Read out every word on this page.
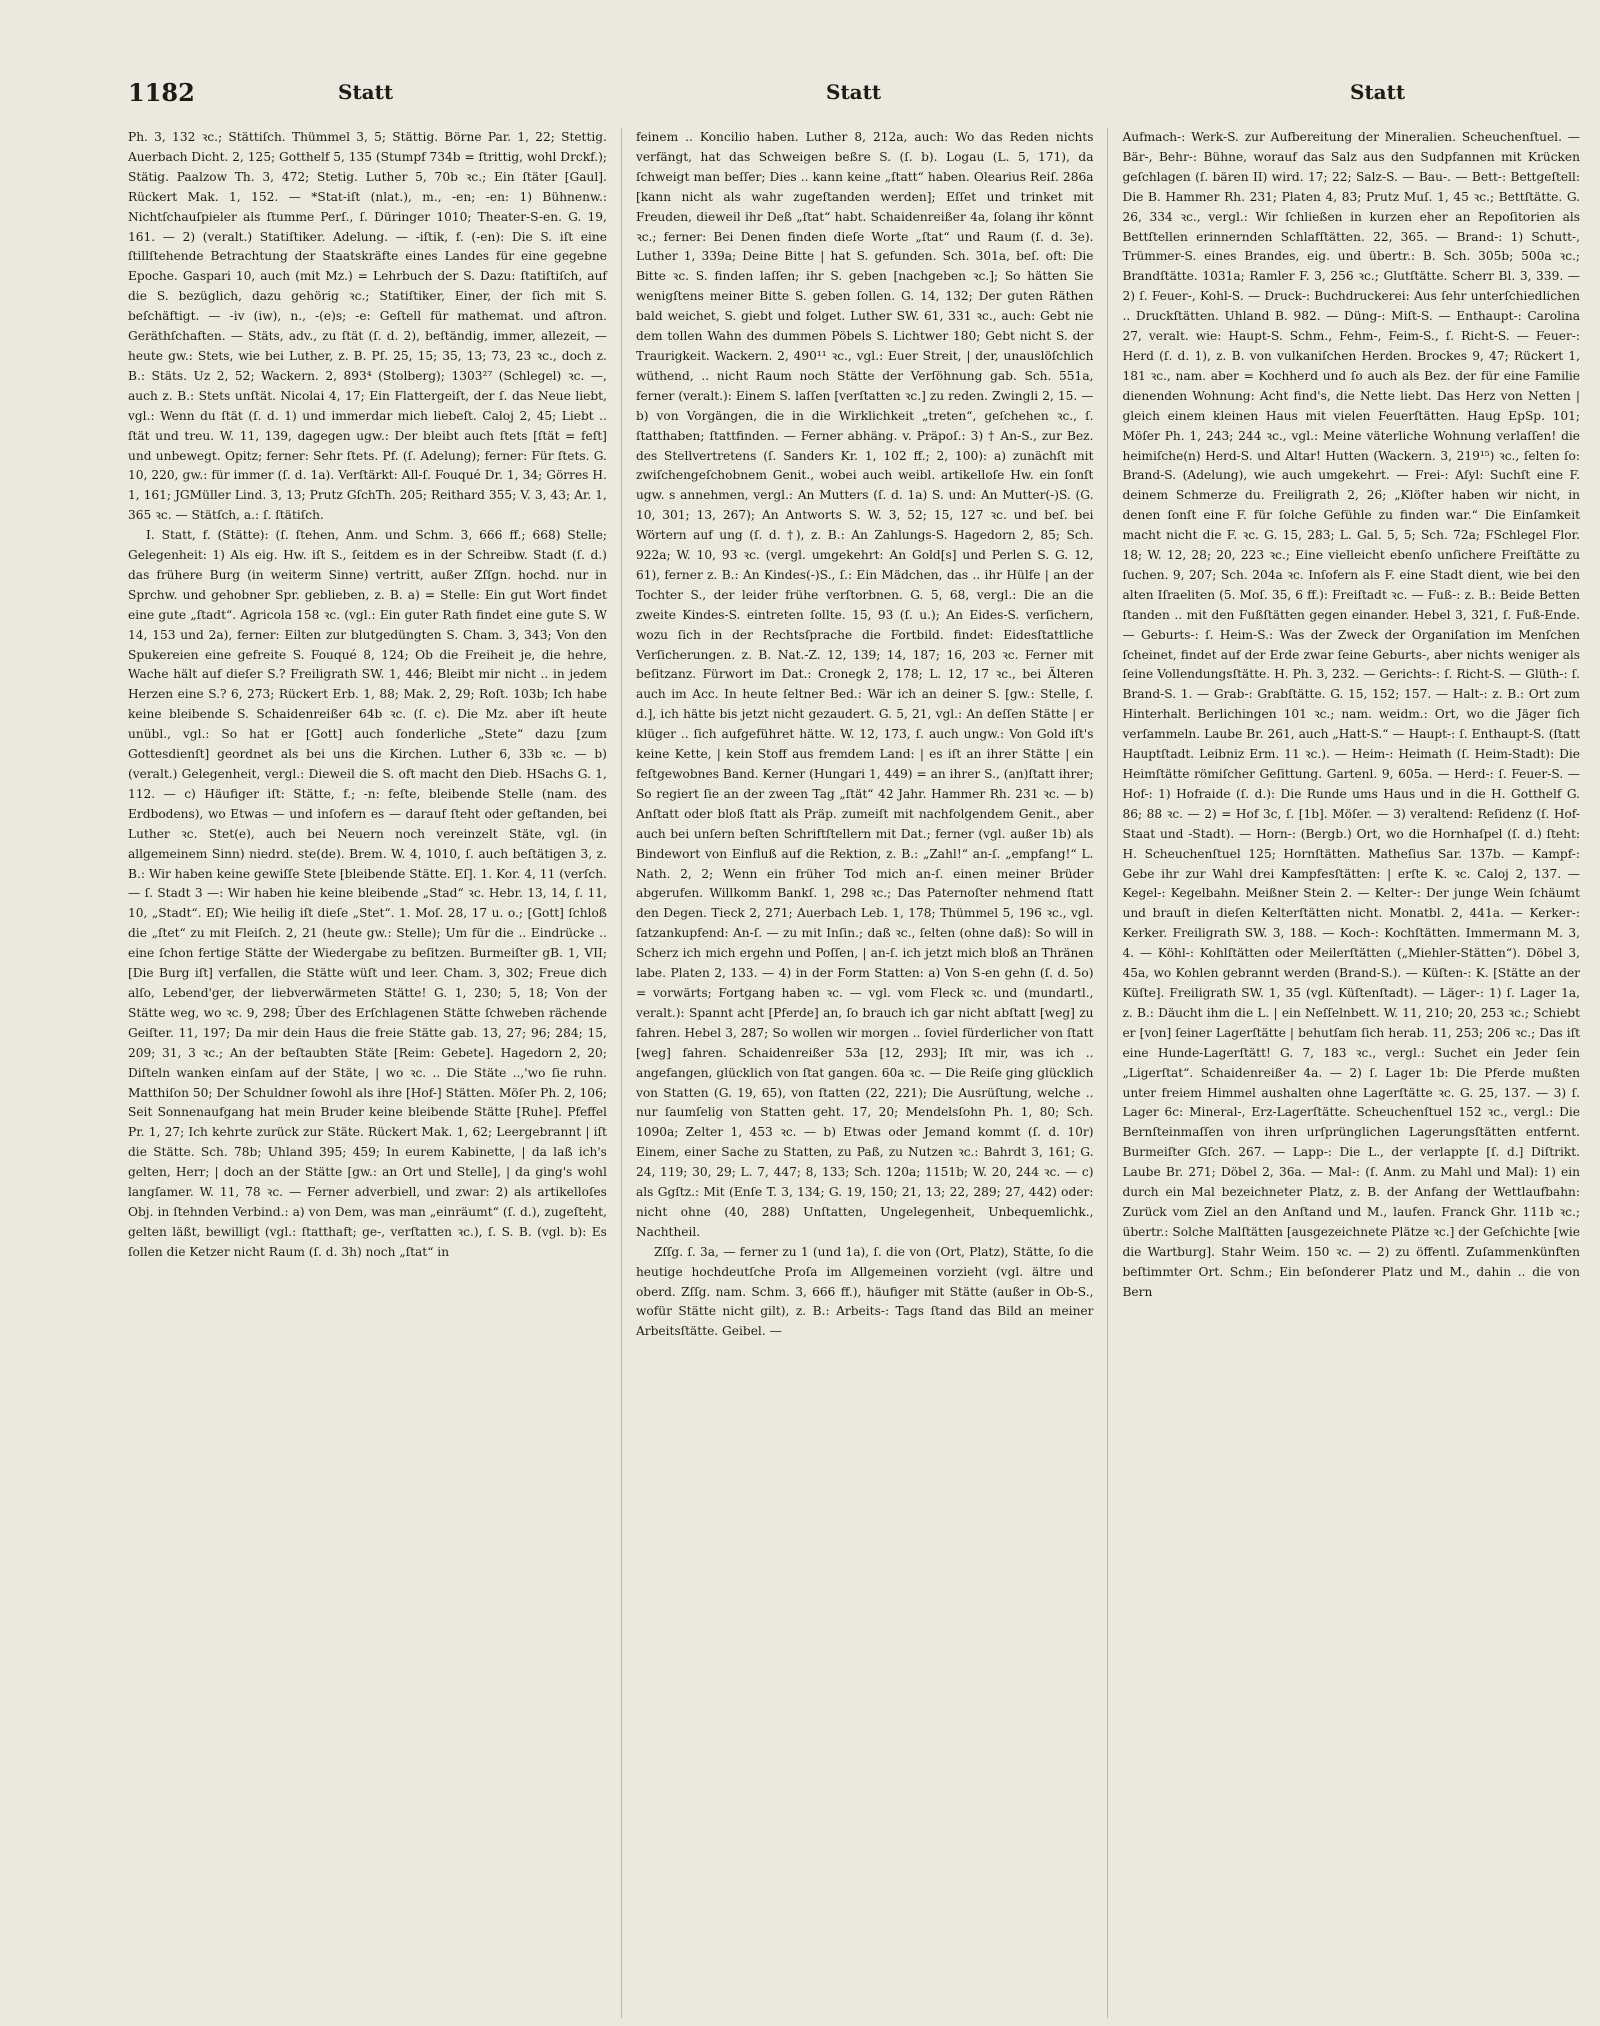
1182	Statt	Statt	Statt

Ph. 3, 132 ꝛc.; Stättiſch. Thümmel 3, 5; Stättig. Börne Par. 1, 22; Stettig. Auerbach Dicht. 2, 125; Gotthelf 5, 135 (Stumpf 734b = ſtrittig, wohl Drckf.); Stätig. Paalzow Th. 3, 472; Stetig. Luther 5, 70b ꝛc.; Ein ſtäter [Gaul]. Rückert Mak. 1, 152. — *Stat-iſt (nlat.), m., -en; -en: 1) Bühnenw.: Nichtſchauſpieler als ſtumme Perſ., ſ. Düringer 1010; Theater-S-en. G. 19, 161. — 2) (veralt.) Statiſtiker. Adelung. — -iſtik, f. (-en): Die S. iſt eine ſtillſtehende Betrachtung der Staatskräfte eines Landes für eine gegebne Epoche. Gaspari 10, auch (mit Mz.) = Lehrbuch der S. Dazu: ſtatiſtiſch, auf die S. bezüglich, dazu gehörig ꝛc.; Statiſtiker, Einer, der ſich mit S. beſchäftigt. — -iv (iw), n., -(e)s; -e: Geſtell für mathemat. und aſtron. Geräthſchaften. — Stäts, adv., zu ſtät (ſ. d. 2), beſtändig, immer, allezeit, — heute gw.: Stets, wie bei Luther, z. B. Pſ. 25, 15; 35, 13; 73, 23 ꝛc., doch z. B.: Stäts. Uz 2, 52; Wackern. 2, 893⁴ (Stolberg); 1303²⁷ (Schlegel) ꝛc. —, auch z. B.: Stets unſtät. Nicolai 4, 17; Ein Flattergeiſt, der ſ. das Neue liebt, vgl.: Wenn du ſtät (ſ. d. 1) und immerdar mich liebeſt. Caloj 2, 45; Liebt .. ſtät und treu. W. 11, 139, dagegen ugw.: Der bleibt auch ſtets [ſtät = feſt] und unbewegt. Opitz; ferner: Sehr ſtets. Pf. (ſ. Adelung); ferner: Für ſtets. G. 10, 220, gw.: für immer (ſ. d. 1a). Verſtärkt: All-ſ. Fouqué Dr. 1, 34; Görres H. 1, 161; JGMüller Lind. 3, 13; Prutz GſchTh. 205; Reithard 355; V. 3, 43; Ar. 1, 365 ꝛc. — Stätſch, a.: ſ. ſtätiſch.

I. Statt, f. (Stätte): (ſ. ſtehen, Anm. und Schm. 3, 666 ff.; 668) Stelle; Gelegenheit: 1) Als eig. Hw. iſt S., ſeitdem es in der Schreibw. Stadt (ſ. d.) das frühere Burg (in weiterm Sinne) vertritt, außer Zſſgn. hochd. nur in Sprchw. und gehobner Spr. geblieben, z. B. a) = Stelle: Ein gut Wort findet eine gute „ſtadt“. Agricola 158 ꝛc. (vgl.: Ein guter Rath findet eine gute S. W 14, 153 und 2a), ferner: Eilten zur blutgedüngten S. Cham. 3, 343; Von den Spukereien eine gefreite S. Fouqué 8, 124; Ob die Freiheit je, die hehre, Wache hält auf dieſer S.? Freiligrath SW. 1, 446; Bleibt mir nicht .. in jedem Herzen eine S.? 6, 273; Rückert Erb. 1, 88; Mak. 2, 29; Roſt. 103b; Ich habe keine bleibende S. Schaidenreißer 64b ꝛc. (ſ. c). Die Mz. aber iſt heute unübl., vgl.: So hat er [Gott] auch ſonderliche „Stete“ dazu [zum Gottesdienſt] geordnet als bei uns die Kirchen. Luther 6, 33b ꝛc. — b) (veralt.) Gelegenheit, vergl.: Dieweil die S. oft macht den Dieb. HSachs G. 1, 112. — c) Häufiger iſt: Stätte, f.; -n: feſte, bleibende Stelle (nam. des Erdbodens), wo Etwas — und inſofern es — darauf ſteht oder geſtanden, bei Luther ꝛc. Stet(e), auch bei Neuern noch vereinzelt Stäte, vgl. (in allgemeinem Sinn) niedrd. ste(de). Brem. W. 4, 1010, ſ. auch beſtätigen 3, z. B.: Wir haben keine gewiſſe Stete [bleibende Stätte. Eſ]. 1. Kor. 4, 11 (verſch. — ſ. Stadt 3 —: Wir haben hie keine bleibende „Stad“ ꝛc. Hebr. 13, 14, ſ. 11, 10, „Stadt“. Eſ); Wie heilig iſt dieſe „Stet“. 1. Moſ. 28, 17 u. o.; [Gott] ſchloß die „ſtet“ zu mit Fleiſch. 2, 21 (heute gw.: Stelle); Um für die .. Eindrücke .. eine ſchon fertige Stätte der Wiedergabe zu beſitzen. Burmeiſter gB. 1, VII; [Die Burg iſt] verfallen, die Stätte wüſt und leer. Cham. 3, 302; Freue dich alſo, Lebend'ger, der liebverwärmeten Stätte! G. 1, 230; 5, 18; Von der Stätte weg, wo ꝛc. 9, 298; Über des Erſchlagenen Stätte ſchweben rächende Geiſter. 11, 197; Da mir dein Haus die freie Stätte gab. 13, 27; 96; 284; 15, 209; 31, 3 ꝛc.; An der beſtaubten Stäte [Reim: Gebete]. Hagedorn 2, 20; Diſteln wanken einſam auf der Stäte, | wo ꝛc. .. Die Stäte ..,'wo ſie ruhn. Matthiſon 50; Der Schuldner ſowohl als ihre [Hof-] Stätten. Möſer Ph. 2, 106; Seit Sonnenaufgang hat mein Bruder keine bleibende Stätte [Ruhe]. Pfeffel Pr. 1, 27; Ich kehrte zurück zur Stäte. Rückert Mak. 1, 62; Leergebrannt | iſt die Stätte. Sch. 78b; Uhland 395; 459; In eurem Kabinette, | da laß ich's gelten, Herr; | doch an der Stätte [gw.: an Ort und Stelle], | da ging's wohl langſamer. W. 11, 78 ꝛc. — Ferner adverbiell, und zwar: 2) als artikelloſes Obj. in ſtehnden Verbind.: a) von Dem, was man „einräumt“ (ſ. d.), zugeſteht, gelten läßt, bewilligt (vgl.: ſtatthaft; ge-, verſtatten ꝛc.), ſ. S. B. (vgl. b): Es ſollen die Ketzer nicht Raum (ſ. d. 3h) noch „ſtat“ in

feinem .. Koncilio haben. Luther 8, 212a, auch: Wo das Reden nichts verfängt, hat das Schweigen beßre S. (ſ. b). Logau (L. 5, 171), da ſchweigt man beſſer; Dies .. kann keine „ſtatt“ haben. Olearius Reiſ. 286a [kann nicht als wahr zugeſtanden werden]; Eſſet und trinket mit Freuden, dieweil ihr Deß „ſtat“ habt. Schaidenreißer 4a, ſolang ihr könnt ꝛc.; ferner: Bei Denen finden dieſe Worte „ſtat“ und Raum (ſ. d. 3e). Luther 1, 339a; Deine Bitte | hat S. gefunden. Sch. 301a, beſ. oft: Die Bitte ꝛc. S. finden laſſen; ihr S. geben [nachgeben ꝛc.]; So hätten Sie wenigſtens meiner Bitte S. geben ſollen. G. 14, 132; Der guten Räthen bald weichet, S. giebt und folget. Luther SW. 61, 331 ꝛc., auch: Gebt nie dem tollen Wahn des dummen Pöbels S. Lichtwer 180; Gebt nicht S. der Traurigkeit. Wackern. 2, 490¹¹ ꝛc., vgl.: Euer Streit, | der, unauslöſchlich wüthend, .. nicht Raum noch Stätte der Verſöhnung gab. Sch. 551a, ferner (veralt.): Einem S. laſſen [verſtatten ꝛc.] zu reden. Zwingli 2, 15. — b) von Vorgängen, die in die Wirklichkeit „treten“, geſchehen ꝛc., ſ. ſtatthaben; ſtattfinden. — Ferner abhäng. v. Präpoſ.: 3) † An-S., zur Bez. des Stellvertretens (ſ. Sanders Kr. 1, 102 ff.; 2, 100): a) zunächſt mit zwiſchengeſchobnem Genit., wobei auch weibl. artikelloſe Hw. ein ſonſt ugw. s annehmen, vergl.: An Mutters (ſ. d. 1a) S. und: An Mutter(-)S. (G. 10, 301; 13, 267); An Antworts S. W. 3, 52; 15, 127 ꝛc. und beſ. bei Wörtern auf ung (ſ. d. †), z. B.: An Zahlungs-S. Hagedorn 2, 85; Sch. 922a; W. 10, 93 ꝛc. (vergl. umgekehrt: An Gold[s] und Perlen S. G. 12, 61), ferner z. B.: An Kindes(-)S., ſ.: Ein Mädchen, das .. ihr Hülfe | an der Tochter S., der leider frühe verſtorbnen. G. 5, 68, vergl.: Die an die zweite Kindes-S. eintreten ſollte. 15, 93 (ſ. u.); An Eides-S. verſichern, wozu ſich in der Rechtsſprache die Fortbild. findet: Eidesſtattliche Verſicherungen. z. B. Nat.-Z. 12, 139; 14, 187; 16, 203 ꝛc. Ferner mit beſitzanz. Fürwort im Dat.: Cronegk 2, 178; L. 12, 17 ꝛc., bei Älteren auch im Acc. In heute ſeltner Bed.: Wär ich an deiner S. [gw.: Stelle, ſ. d.], ich hätte bis jetzt nicht gezaudert. G. 5, 21, vgl.: An deſſen Stätte | er klüger .. ſich aufgeführet hätte. W. 12, 173, ſ. auch ungw.: Von Gold iſt's keine Kette, | kein Stoff aus fremdem Land: | es iſt an ihrer Stätte | ein feſtgewobnes Band. Kerner (Hungari 1, 449) = an ihrer S., (an)ſtatt ihrer; So regiert ſie an der zween Tag „ſtät“ 42 Jahr. Hammer Rh. 231 ꝛc. — b) Anſtatt oder bloß ſtatt als Präp. zumeiſt mit nachfolgendem Genit., aber auch bei unſern beſten Schriftſtellern mit Dat.; ferner (vgl. außer 1b) als Bindewort von Einfluß auf die Rektion, z. B.: „Zahl!“ an-ſ. „empfang!“ L. Nath. 2, 2; Wenn ein früher Tod mich an-ſ. einen meiner Brüder abgerufen. Willkomm Bankſ. 1, 298 ꝛc.; Das Paternoſter nehmend ſtatt den Degen. Tieck 2, 271; Auerbach Leb. 1, 178; Thümmel 5, 196 ꝛc., vgl. ſatzankupfend: An-ſ. — zu mit Inſin.; daß ꝛc., ſelten (ohne daß): So will in Scherz ich mich ergehn und Poſſen, | an-ſ. ich jetzt mich bloß an Thränen labe. Platen 2, 133. — 4) in der Form Statten: a) Von S-en gehn (ſ. d. 5o) = vorwärts; Fortgang haben ꝛc. — vgl. vom Fleck ꝛc. und (mundartl., veralt.): Spannt acht [Pferde] an, ſo brauch ich gar nicht abſtatt [weg] zu fahren. Hebel 3, 287; So wollen wir morgen .. ſoviel fürderlicher von ſtatt [weg] fahren. Schaidenreißer 53a [12, 293]; Iſt mir, was ich .. angefangen, glücklich von ſtat gangen. 60a ꝛc. — Die Reiſe ging glücklich von Statten (G. 19, 65), von ſtatten (22, 221); Die Ausrüſtung, welche .. nur ſaumſelig von Statten geht. 17, 20; Mendelsſohn Ph. 1, 80; Sch. 1090a; Zelter 1, 453 ꝛc. — b) Etwas oder Jemand kommt (ſ. d. 10r) Einem, einer Sache zu Statten, zu Paß, zu Nutzen ꝛc.: Bahrdt 3, 161; G. 24, 119; 30, 29; L. 7, 447; 8, 133; Sch. 120a; 1151b; W. 20, 244 ꝛc. — c) als Ggſtz.: Mit (Enſe T. 3, 134; G. 19, 150; 21, 13; 22, 289; 27, 442) oder: nicht ohne (40, 288) Unſtatten, Ungelegenheit, Unbequemlichk., Nachtheil.

Zſſg. ſ. 3a, — ferner zu 1 (und 1a), ſ. die von (Ort, Platz), Stätte, ſo die heutige hochdeutſche Proſa im Allgemeinen vorzieht (vgl. ältre und oberd. Zſſg. nam. Schm. 3, 666 ff.), häufiger mit Stätte (außer in Ob-S., wofür Stätte nicht gilt), z. B.: Arbeits-: Tags ſtand das Bild an meiner Arbeitsſtätte. Geibel. —

Aufmach-: Werk-S. zur Aufbereitung der Mineralien. Scheuchenſtuel. — Bär-, Behr-: Bühne, worauf das Salz aus den Sudpfannen mit Krücken geſchlagen (ſ. bären II) wird. 17; 22; Salz-S. — Bau-. — Bett-: Bettgeſtell: Die B. Hammer Rh. 231; Platen 4, 83; Prutz Muſ. 1, 45 ꝛc.; Bettſtätte. G. 26, 334 ꝛc., vergl.: Wir ſchließen in kurzen eher an Repoſitorien als Bettſtellen erinnernden Schlafſtätten. 22, 365. — Brand-: 1) Schutt-, Trümmer-S. eines Brandes, eig. und übertr.: B. Sch. 305b; 500a ꝛc.; Brandſtätte. 1031a; Ramler F. 3, 256 ꝛc.; Glutſtätte. Scherr Bl. 3, 339. — 2) ſ. Feuer-, Kohl-S. — Druck-: Buchdruckerei: Aus ſehr unterſchiedlichen .. Druckſtätten. Uhland B. 982. — Düng-: Miſt-S. — Enthaupt-: Carolina 27, veralt. wie: Haupt-S. Schm., Fehm-, Feim-S., ſ. Richt-S. — Feuer-: Herd (ſ. d. 1), z. B. von vulkaniſchen Herden. Brockes 9, 47; Rückert 1, 181 ꝛc., nam. aber = Kochherd und ſo auch als Bez. der für eine Familie dienenden Wohnung: Acht find's, die Nette liebt. Das Herz von Netten | gleich einem kleinen Haus mit vielen Feuerſtätten. Haug EpSp. 101; Möſer Ph. 1, 243; 244 ꝛc., vgl.: Meine väterliche Wohnung verlaſſen! die heimiſche(n) Herd-S. und Altar! Hutten (Wackern. 3, 219¹⁵) ꝛc., ſelten ſo: Brand-S. (Adelung), wie auch umgekehrt. — Frei-: Aſyl: Suchſt eine F. deinem Schmerze du. Freiligrath 2, 26; „Klöſter haben wir nicht, in denen ſonſt eine F. für ſolche Gefühle zu finden war.“ Die Einſamkeit macht nicht die F. ꝛc. G. 15, 283; L. Gal. 5, 5; Sch. 72a; FSchlegel Flor. 18; W. 12, 28; 20, 223 ꝛc.; Eine vielleicht ebenſo unſichere Freiſtätte zu ſuchen. 9, 207; Sch. 204a ꝛc. Inſofern als F. eine Stadt dient, wie bei den alten Iſraeliten (5. Moſ. 35, 6 ff.): Freiſtadt ꝛc. — Fuß-: z. B.: Beide Betten ſtanden .. mit den Fußſtätten gegen einander. Hebel 3, 321, ſ. Fuß-Ende. — Geburts-: ſ. Heim-S.: Was der Zweck der Organiſation im Menſchen ſcheinet, findet auf der Erde zwar ſeine Geburts-, aber nichts weniger als ſeine Vollendungsſtätte. H. Ph. 3, 232. — Gerichts-: ſ. Richt-S. — Glüth-: ſ. Brand-S. 1. — Grab-: Grabſtätte. G. 15, 152; 157. — Halt-: z. B.: Ort zum Hinterhalt. Berlichingen 101 ꝛc.; nam. weidm.: Ort, wo die Jäger ſich verſammeln. Laube Br. 261, auch „Hatt-S.“ — Haupt-: ſ. Enthaupt-S. (ſtatt Hauptſtadt. Leibniz Erm. 11 ꝛc.). — Heim-: Heimath (ſ. Heim-Stadt): Die Heimſtätte römiſcher Geſittung. Gartenl. 9, 605a. — Herd-: ſ. Feuer-S. — Hof-: 1) Hofraide (ſ. d.): Die Runde ums Haus und in die H. Gotthelf G. 86; 88 ꝛc. — 2) = Hof 3c, ſ. [1b]. Möſer. — 3) veraltend: Reſidenz (ſ. Hof-Staat und -Stadt). — Horn-: (Bergb.) Ort, wo die Hornhaſpel (ſ. d.) ſteht: H. Scheuchenſtuel 125; Hornſtätten. Matheſius Sar. 137b. — Kampf-: Gebe ihr zur Wahl drei Kampfesſtätten: | erſte K. ꝛc. Caloj 2, 137. — Kegel-: Kegelbahn. Meißner Stein 2. — Kelter-: Der junge Wein ſchäumt und brauſt in dieſen Kelterſtätten nicht. Monatbl. 2, 441a. — Kerker-: Kerker. Freiligrath SW. 3, 188. — Koch-: Kochſtätten. Immermann M. 3, 4. — Köhl-: Kohlſtätten oder Meilerſtätten („Miehler-Stätten“). Döbel 3, 45a, wo Kohlen gebrannt werden (Brand-S.). — Küſten-: K. [Stätte an der Küſte]. Freiligrath SW. 1, 35 (vgl. Küſtenſtadt). — Läger-: 1) ſ. Lager 1a, z. B.: Däucht ihm die L. | ein Neſſelnbett. W. 11, 210; 20, 253 ꝛc.; Schiebt er [von] ſeiner Lagerſtätte | behutſam ſich herab. 11, 253; 206 ꝛc.; Das iſt eine Hunde-Lagerſtätt! G. 7, 183 ꝛc., vergl.: Suchet ein Jeder ſein „Ligerſtat“. Schaidenreißer 4a. — 2) ſ. Lager 1b: Die Pferde mußten unter freiem Himmel aushalten ohne Lagerſtätte ꝛc. G. 25, 137. — 3) ſ. Lager 6c: Mineral-, Erz-Lagerſtätte. Scheuchenſtuel 152 ꝛc., vergl.: Die Bernſteinmaſſen von ihren urſprünglichen Lagerungsſtätten entfernt. Burmeiſter Gſch. 267. — Lapp-: Die L., der verlappte [ſ. d.] Diſtrikt. Laube Br. 271; Döbel 2, 36a. — Mal-: (ſ. Anm. zu Mahl und Mal): 1) ein durch ein Mal bezeichneter Platz, z. B. der Anfang der Wettlaufbahn: Zurück vom Ziel an den Anſtand und M., laufen. Franck Ghr. 111b ꝛc.; übertr.: Solche Malſtätten [ausgezeichnete Plätze ꝛc.] der Geſchichte [wie die Wartburg]. Stahr Weim. 150 ꝛc. — 2) zu öffentl. Zuſammenkünften beſtimmter Ort. Schm.; Ein beſonderer Platz und M., dahin .. die von Bern
